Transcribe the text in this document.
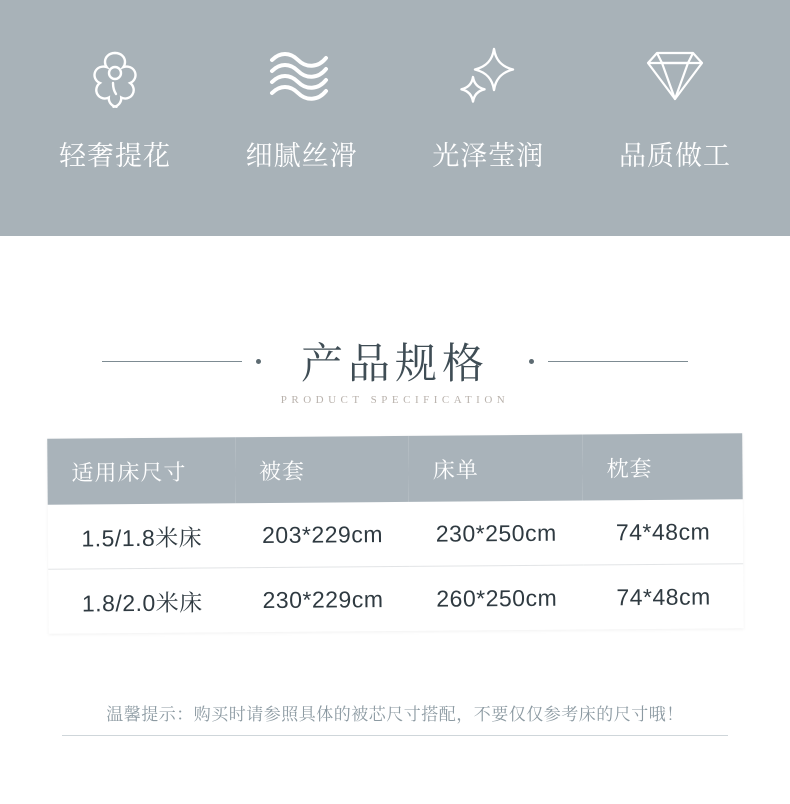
轻奢提花	细腻丝滑	光泽莹润	品质做工
产品规格
PRODUCT SPECIFICATION
适用床尺寸	被套	床单	枕套
1.5/1.8米床	203*229cm	230*250cm	74*48cm
1.8/2.0米床	230*229cm	260*250cm	74*48cm
温馨提示：购买时请参照具体的被芯尺寸搭配，不要仅仅参考床的尺寸哦！
